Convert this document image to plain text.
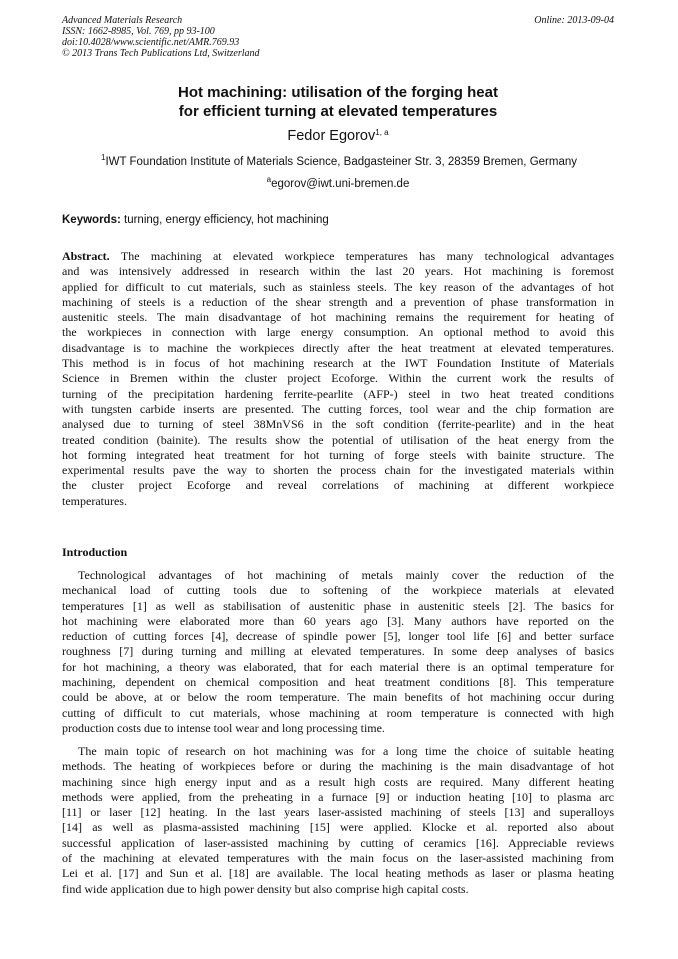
Advanced Materials Research
ISSN: 1662-8985, Vol. 769, pp 93-100
doi:10.4028/www.scientific.net/AMR.769.93
© 2013 Trans Tech Publications Ltd, Switzerland
Online: 2013-09-04
Hot machining: utilisation of the forging heat
for efficient turning at elevated temperatures
Fedor Egorov$^{1, a}$
$^1$IWT Foundation Institute of Materials Science, Badgasteiner Str. 3, 28359 Bremen, Germany
$^a$egorov@iwt.uni-bremen.de
Keywords: turning, energy efficiency, hot machining
Abstract. The machining at elevated workpiece temperatures has many technological advantages
and was intensively addressed in research within the last 20 years. Hot machining is foremost
applied for difficult to cut materials, such as stainless steels. The key reason of the advantages of hot
machining of steels is a reduction of the shear strength and a prevention of phase transformation in
austenitic steels. The main disadvantage of hot machining remains the requirement for heating of
the workpieces in connection with large energy consumption. An optional method to avoid this
disadvantage is to machine the workpieces directly after the heat treatment at elevated temperatures.
This method is in focus of hot machining research at the IWT Foundation Institute of Materials
Science in Bremen within the cluster project Ecoforge. Within the current work the results of
turning of the precipitation hardening ferrite-pearlite (AFP-) steel in two heat treated conditions
with tungsten carbide inserts are presented. The cutting forces, tool wear and the chip formation are
analysed due to turning of steel 38MnVS6 in the soft condition (ferrite-pearlite) and in the heat
treated condition (bainite). The results show the potential of utilisation of the heat energy from the
hot forming integrated heat treatment for hot turning of forge steels with bainite structure. The
experimental results pave the way to shorten the process chain for the investigated materials within
the cluster project Ecoforge and reveal correlations of machining at different workpiece
temperatures.
Introduction
Technological advantages of hot machining of metals mainly cover the reduction of the
mechanical load of cutting tools due to softening of the workpiece materials at elevated
temperatures [1] as well as stabilisation of austenitic phase in austenitic steels [2]. The basics for
hot machining were elaborated more than 60 years ago [3]. Many authors have reported on the
reduction of cutting forces [4], decrease of spindle power [5], longer tool life [6] and better surface
roughness [7] during turning and milling at elevated temperatures. In some deep analyses of basics
for hot machining, a theory was elaborated, that for each material there is an optimal temperature for
machining, dependent on chemical composition and heat treatment conditions [8]. This temperature
could be above, at or below the room temperature. The main benefits of hot machining occur during
cutting of difficult to cut materials, whose machining at room temperature is connected with high
production costs due to intense tool wear and long processing time.
The main topic of research on hot machining was for a long time the choice of suitable heating
methods. The heating of workpieces before or during the machining is the main disadvantage of hot
machining since high energy input and as a result high costs are required. Many different heating
methods were applied, from the preheating in a furnace [9] or induction heating [10] to plasma arc
[11] or laser [12] heating. In the last years laser-assisted machining of steels [13] and superalloys
[14] as well as plasma-assisted machining [15] were applied. Klocke et al. reported also about
successful application of laser-assisted machining by cutting of ceramics [16]. Appreciable reviews
of the machining at elevated temperatures with the main focus on the laser-assisted machining from
Lei et al. [17] and Sun et al. [18] are available. The local heating methods as laser or plasma heating
find wide application due to high power density but also comprise high capital costs.
